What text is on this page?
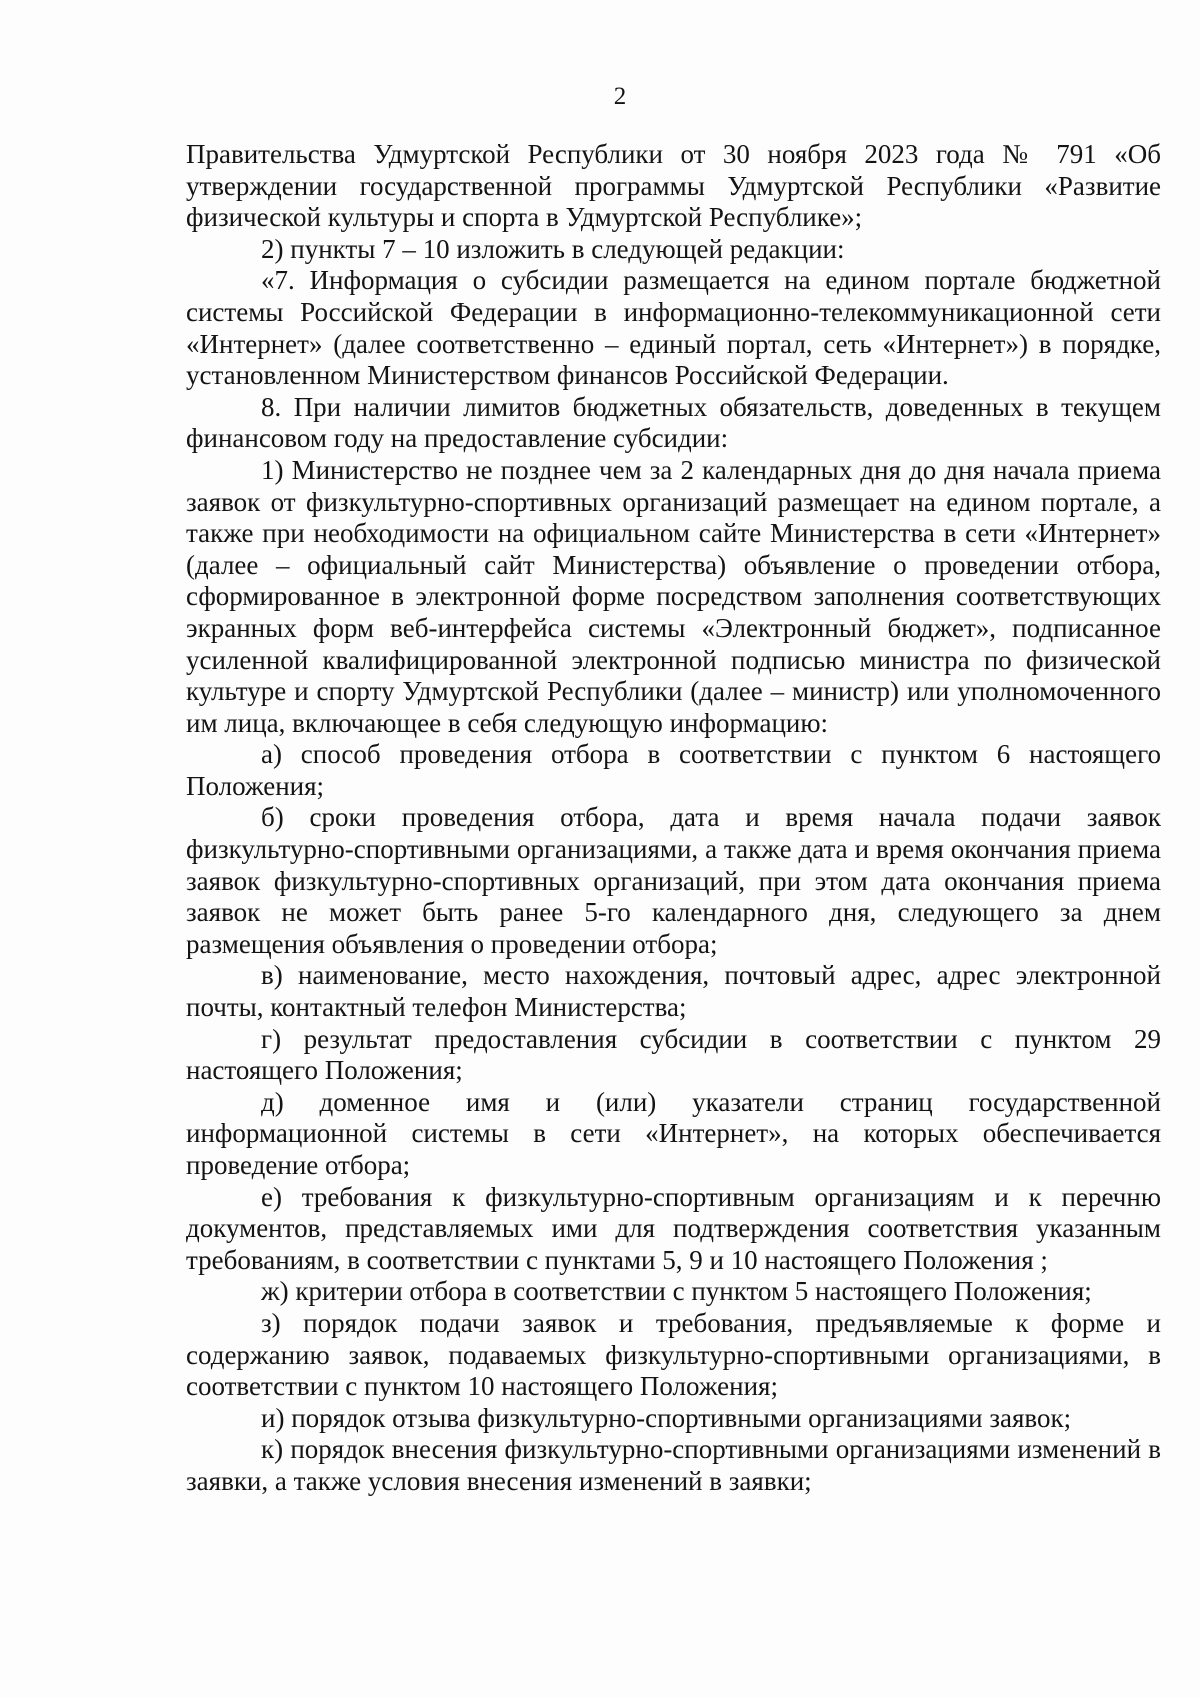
2

Правительства Удмуртской Республики от 30 ноября 2023 года № 791 «Об утверждении государственной программы Удмуртской Республики «Развитие физической культуры и спорта в Удмуртской Республике»;

2) пункты 7 – 10 изложить в следующей редакции:

«7. Информация о субсидии размещается на едином портале бюджетной системы Российской Федерации в информационно-телекоммуникационной сети «Интернет» (далее соответственно – единый портал, сеть «Интернет») в порядке, установленном Министерством финансов Российской Федерации.

8. При наличии лимитов бюджетных обязательств, доведенных в текущем финансовом году на предоставление субсидии:

1) Министерство не позднее чем за 2 календарных дня до дня начала приема заявок от физкультурно-спортивных организаций размещает на едином портале, а также при необходимости на официальном сайте Министерства в сети «Интернет» (далее – официальный сайт Министерства) объявление о проведении отбора, сформированное в электронной форме посредством заполнения соответствующих экранных форм веб-интерфейса системы «Электронный бюджет», подписанное усиленной квалифицированной электронной подписью министра по физической культуре и спорту Удмуртской Республики (далее – министр) или уполномоченного им лица, включающее в себя следующую информацию:

а) способ проведения отбора в соответствии с пунктом 6 настоящего Положения;

б) сроки проведения отбора, дата и время начала подачи заявок физкультурно-спортивными организациями, а также дата и время окончания приема заявок физкультурно-спортивных организаций, при этом дата окончания приема заявок не может быть ранее 5-го календарного дня, следующего за днем размещения объявления о проведении отбора;

в) наименование, место нахождения, почтовый адрес, адрес электронной почты, контактный телефон Министерства;

г) результат предоставления субсидии в соответствии с пунктом 29 настоящего Положения;

д) доменное имя и (или) указатели страниц государственной информационной системы в сети «Интернет», на которых обеспечивается проведение отбора;

е) требования к физкультурно-спортивным организациям и к перечню документов, представляемых ими для подтверждения соответствия указанным требованиям, в соответствии с пунктами 5, 9 и 10 настоящего Положения ;

ж) критерии отбора в соответствии с пунктом 5 настоящего Положения;

з) порядок подачи заявок и требования, предъявляемые к форме и содержанию заявок, подаваемых физкультурно-спортивными организациями, в соответствии с пунктом 10 настоящего Положения;

и) порядок отзыва физкультурно-спортивными организациями заявок;

к) порядок внесения физкультурно-спортивными организациями изменений в заявки, а также условия внесения изменений в заявки;
